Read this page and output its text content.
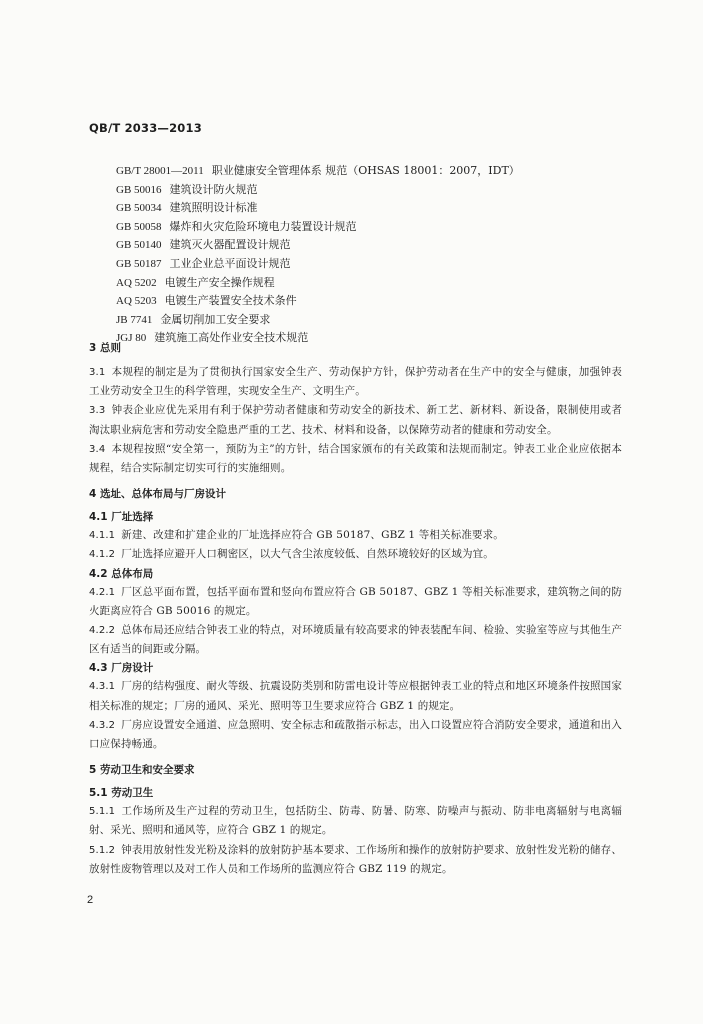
QB/T 2033—2013
GB/T 28001—2011 职业健康安全管理体系 规范（OHSAS 18001：2007，IDT）
GB 50016 建筑设计防火规范
GB 50034 建筑照明设计标准
GB 50058 爆炸和火灾危险环境电力装置设计规范
GB 50140 建筑灭火器配置设计规范
GB 50187 工业企业总平面设计规范
AQ 5202 电镀生产安全操作规程
AQ 5203 电镀生产装置安全技术条件
JB 7741 金属切削加工安全要求
JGJ 80 建筑施工高处作业安全技术规范
3 总则
3.1 本规程的制定是为了贯彻执行国家安全生产、劳动保护方针，保护劳动者在生产中的安全与健康，加强钟表工业劳动安全卫生的科学管理，实现安全生产、文明生产。
3.3 钟表企业应优先采用有利于保护劳动者健康和劳动安全的新技术、新工艺、新材料、新设备，限制使用或者淘汰职业病危害和劳动安全隐患严重的工艺、技术、材料和设备，以保障劳动者的健康和劳动安全。
3.4 本规程按照“安全第一，预防为主”的方针，结合国家颁布的有关政策和法规而制定。钟表工业企业应依据本规程，结合实际制定切实可行的实施细则。
4 选址、总体布局与厂房设计
4.1 厂址选择
4.1.1 新建、改建和扩建企业的厂址选择应符合 GB 50187、GBZ 1 等相关标准要求。
4.1.2 厂址选择应避开人口稠密区，以大气含尘浓度较低、自然环境较好的区域为宜。
4.2 总体布局
4.2.1 厂区总平面布置，包括平面布置和竖向布置应符合 GB 50187、GBZ 1 等相关标准要求，建筑物之间的防火距离应符合 GB 50016 的规定。
4.2.2 总体布局还应结合钟表工业的特点，对环境质量有较高要求的钟表装配车间、检验、实验室等应与其他生产区有适当的间距或分隔。
4.3 厂房设计
4.3.1 厂房的结构强度、耐火等级、抗震设防类别和防雷电设计等应根据钟表工业的特点和地区环境条件按照国家相关标准的规定；厂房的通风、采光、照明等卫生要求应符合 GBZ 1 的规定。
4.3.2 厂房应设置安全通道、应急照明、安全标志和疏散指示标志，出入口设置应符合消防安全要求，通道和出入口应保持畅通。
5 劳动卫生和安全要求
5.1 劳动卫生
5.1.1 工作场所及生产过程的劳动卫生，包括防尘、防毒、防暑、防寒、防噪声与振动、防非电离辐射与电离辐射、采光、照明和通风等，应符合 GBZ 1 的规定。
5.1.2 钟表用放射性发光粉及涂料的放射防护基本要求、工作场所和操作的放射防护要求、放射性发光粉的储存、放射性废物管理以及对工作人员和工作场所的监测应符合 GBZ 119 的规定。
2
